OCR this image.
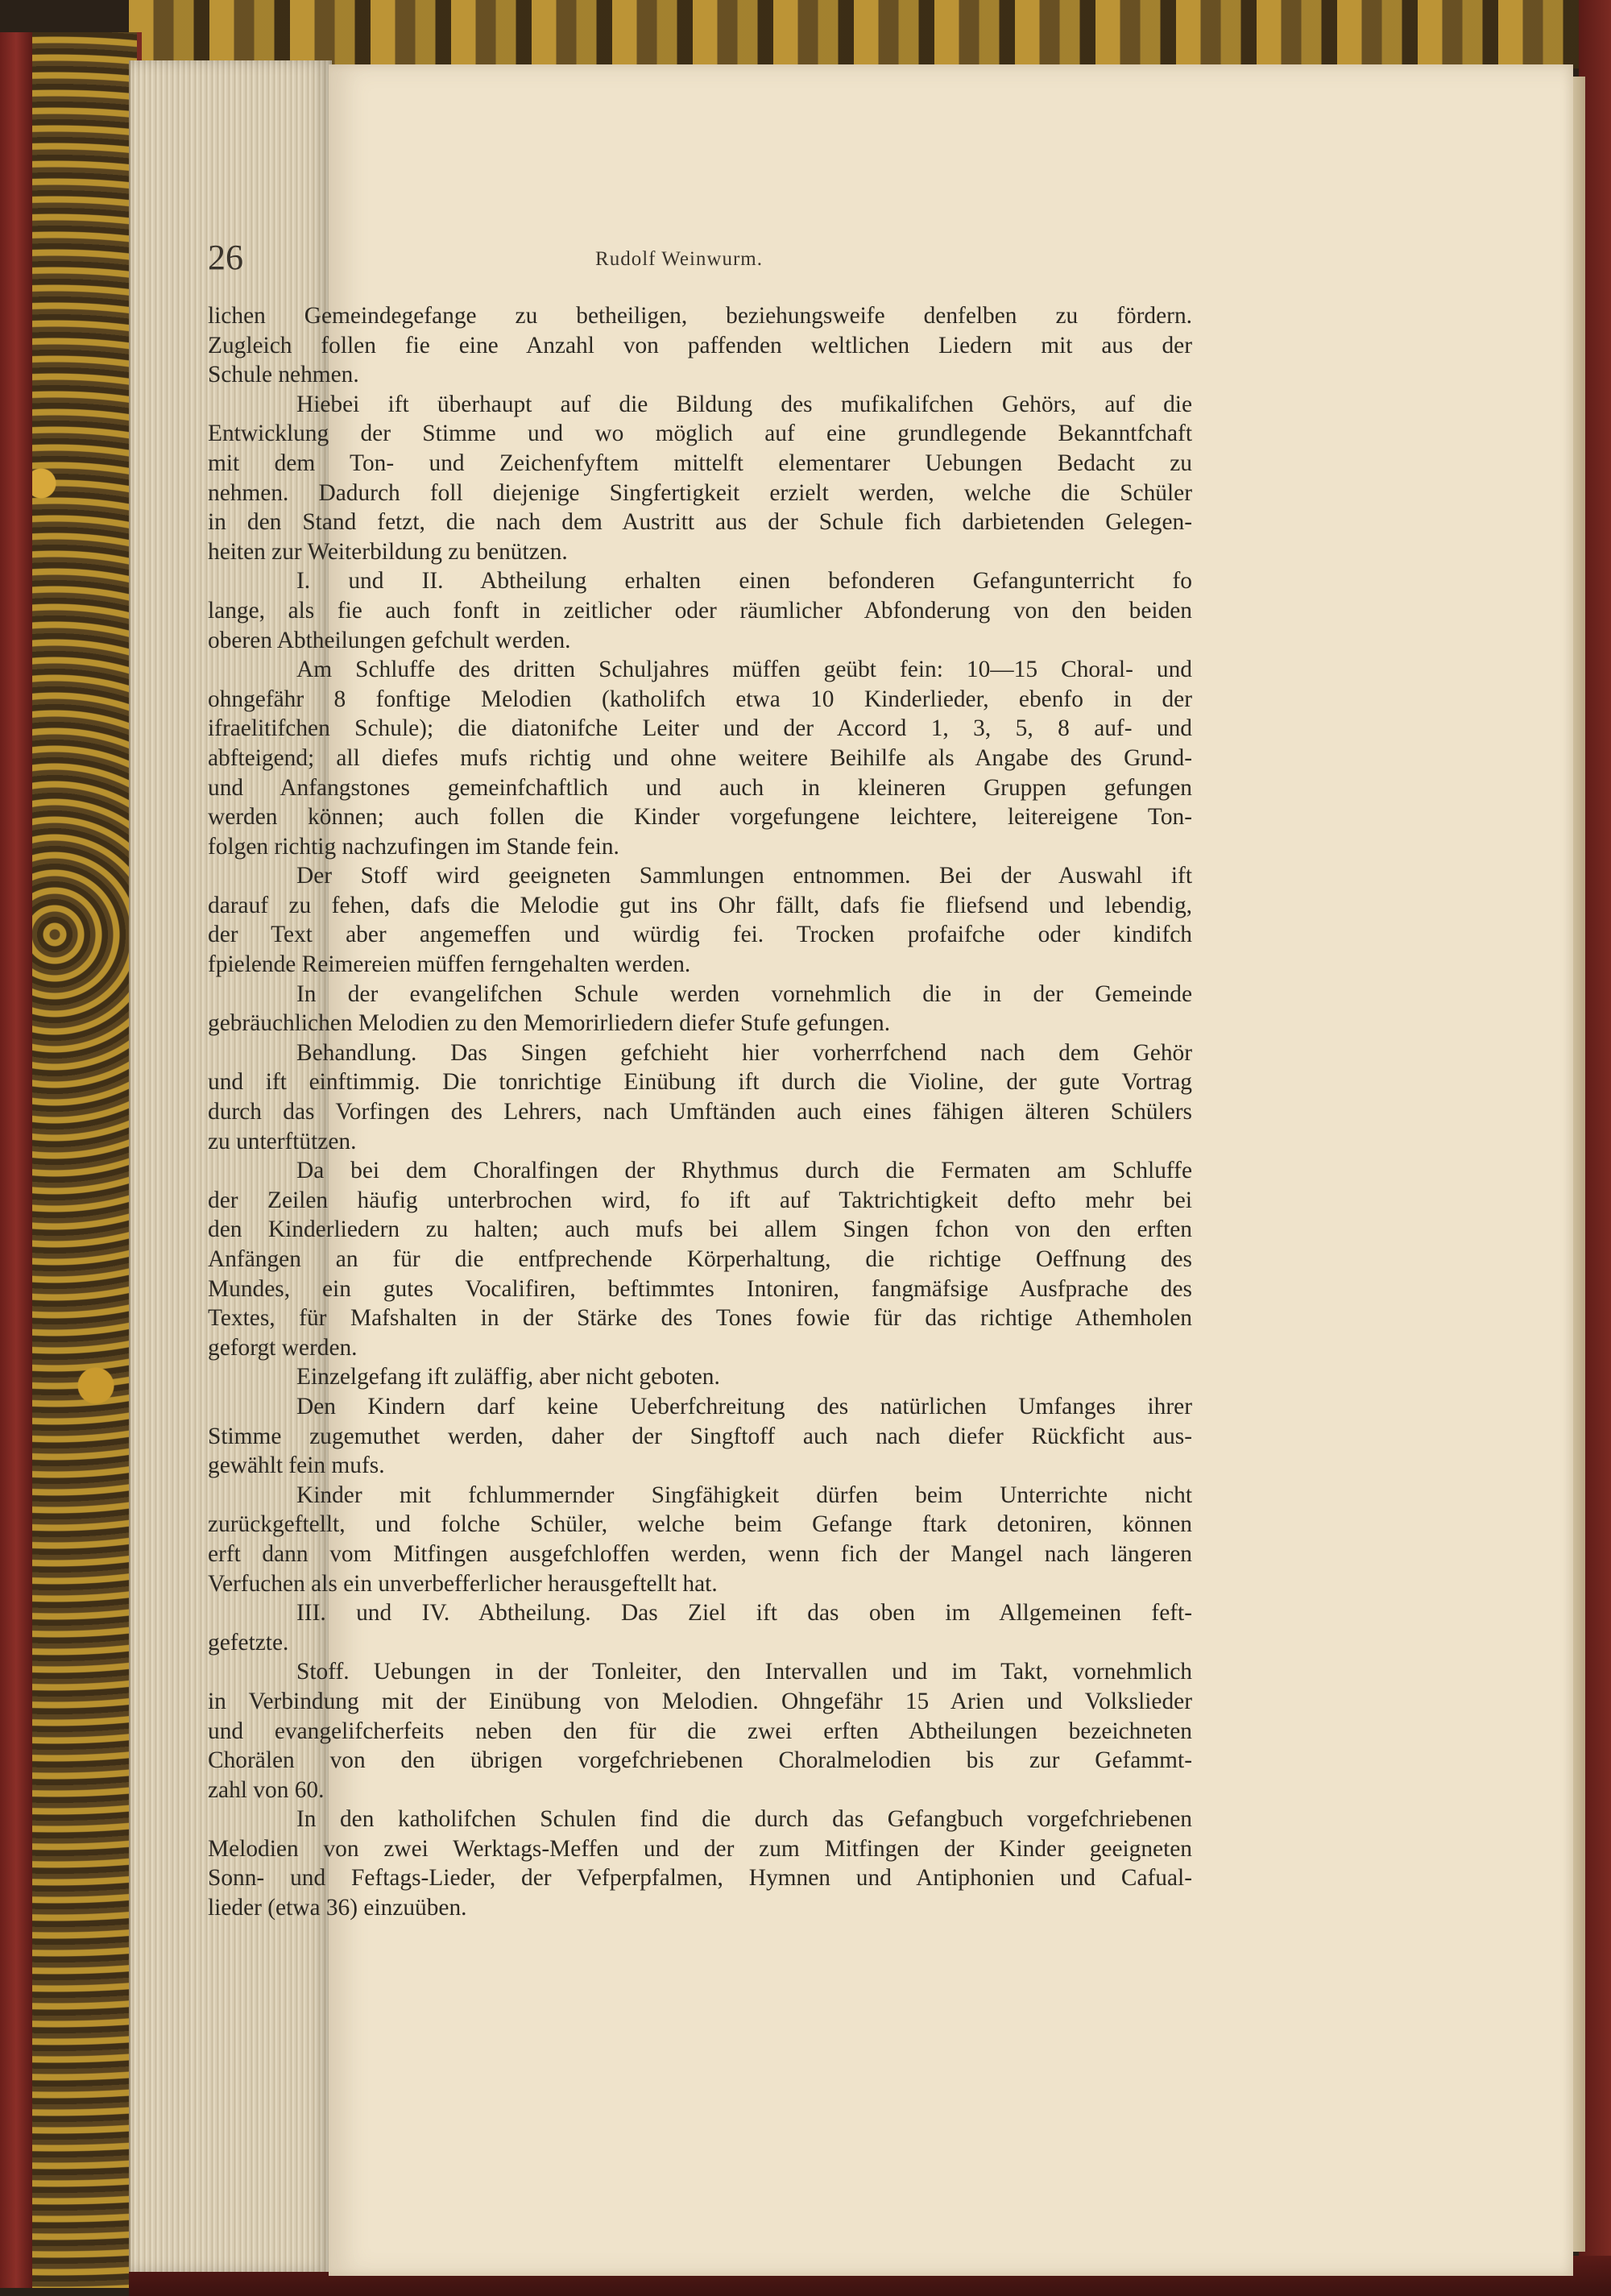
26	Rudolf Weinwurm.
lichen Gemeindegefange zu betheiligen, beziehungsweife denfelben zu fördern.
Zugleich follen fie eine Anzahl von paffenden weltlichen Liedern mit aus der
Schule nehmen.
Hiebei ift überhaupt auf die Bildung des mufikalifchen Gehörs, auf die
Entwicklung der Stimme und wo möglich auf eine grundlegende Bekanntfchaft
mit dem Ton- und Zeichenfyftem mittelft elementarer Uebungen Bedacht zu
nehmen. Dadurch foll diejenige Singfertigkeit erzielt werden, welche die Schüler
in den Stand fetzt, die nach dem Austritt aus der Schule fich darbietenden Gelegen-
heiten zur Weiterbildung zu benützen.
I. und II. Abtheilung erhalten einen befonderen Gefangunterricht fo
lange, als fie auch fonft in zeitlicher oder räumlicher Abfonderung von den beiden
oberen Abtheilungen gefchult werden.
Am Schluffe des dritten Schuljahres müffen geübt fein: 10—15 Choral- und
ohngefähr 8 fonftige Melodien (katholifch etwa 10 Kinderlieder, ebenfo in der
ifraelitifchen Schule); die diatonifche Leiter und der Accord 1, 3, 5, 8 auf- und
abfteigend; all diefes mufs richtig und ohne weitere Beihilfe als Angabe des Grund-
und Anfangstones gemeinfchaftlich und auch in kleineren Gruppen gefungen
werden können; auch follen die Kinder vorgefungene leichtere, leitereigene Ton-
folgen richtig nachzufingen im Stande fein.
Der Stoff wird geeigneten Sammlungen entnommen. Bei der Auswahl ift
darauf zu fehen, dafs die Melodie gut ins Ohr fällt, dafs fie fliefsend und lebendig,
der Text aber angemeffen und würdig fei. Trocken profaifche oder kindifch
fpielende Reimereien müffen ferngehalten werden.
In der evangelifchen Schule werden vornehmlich die in der Gemeinde
gebräuchlichen Melodien zu den Memorirliedern diefer Stufe gefungen.
Behandlung. Das Singen gefchieht hier vorherrfchend nach dem Gehör
und ift einftimmig. Die tonrichtige Einübung ift durch die Violine, der gute Vortrag
durch das Vorfingen des Lehrers, nach Umftänden auch eines fähigen älteren Schülers
zu unterftützen.
Da bei dem Choralfingen der Rhythmus durch die Fermaten am Schluffe
der Zeilen häufig unterbrochen wird, fo ift auf Taktrichtigkeit defto mehr bei
den Kinderliedern zu halten; auch mufs bei allem Singen fchon von den erften
Anfängen an für die entfprechende Körperhaltung, die richtige Oeffnung des
Mundes, ein gutes Vocalifiren, beftimmtes Intoniren, fangmäfsige Ausfprache des
Textes, für Mafshalten in der Stärke des Tones fowie für das richtige Athemholen
geforgt werden.
Einzelgefang ift zuläffig, aber nicht geboten.
Den Kindern darf keine Ueberfchreitung des natürlichen Umfanges ihrer
Stimme zugemuthet werden, daher der Singftoff auch nach diefer Rückficht aus-
gewählt fein mufs.
Kinder mit fchlummernder Singfähigkeit dürfen beim Unterrichte nicht
zurückgeftellt, und folche Schüler, welche beim Gefange ftark detoniren, können
erft dann vom Mitfingen ausgefchloffen werden, wenn fich der Mangel nach längeren
Verfuchen als ein unverbefferlicher herausgeftellt hat.
III. und IV. Abtheilung. Das Ziel ift das oben im Allgemeinen feft-
gefetzte.
Stoff. Uebungen in der Tonleiter, den Intervallen und im Takt, vornehmlich
in Verbindung mit der Einübung von Melodien. Ohngefähr 15 Arien und Volkslieder
und evangelifcherfeits neben den für die zwei erften Abtheilungen bezeichneten
Chorälen von den übrigen vorgefchriebenen Choralmelodien bis zur Gefammt-
zahl von 60.
In den katholifchen Schulen find die durch das Gefangbuch vorgefchriebenen
Melodien von zwei Werktags-Meffen und der zum Mitfingen der Kinder geeigneten
Sonn- und Feftags-Lieder, der Vefperpfalmen, Hymnen und Antiphonien und Cafual-
lieder (etwa 36) einzuüben.
